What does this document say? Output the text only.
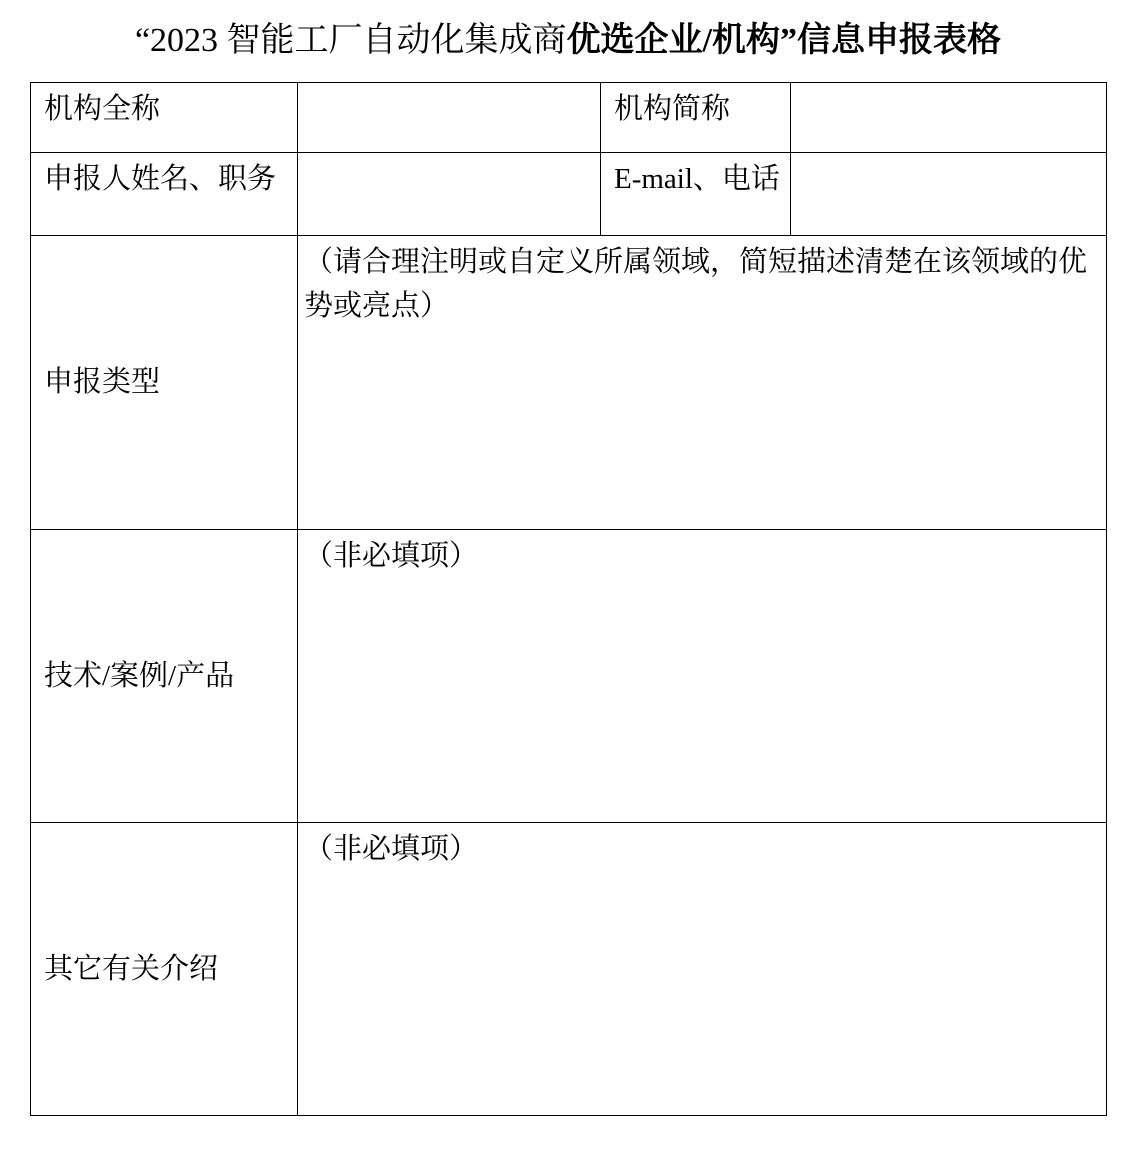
“2023 智能工厂自动化集成商优选企业/机构”信息申报表格
机构全称		机构简称	
申报人姓名、职务		E-mail、电话	
申报类型	（请合理注明或自定义所属领域，简短描述清楚在该领域的优势或亮点）		

技术/案例/产品	（非必填项）		

其它有关介绍	（非必填项）		
